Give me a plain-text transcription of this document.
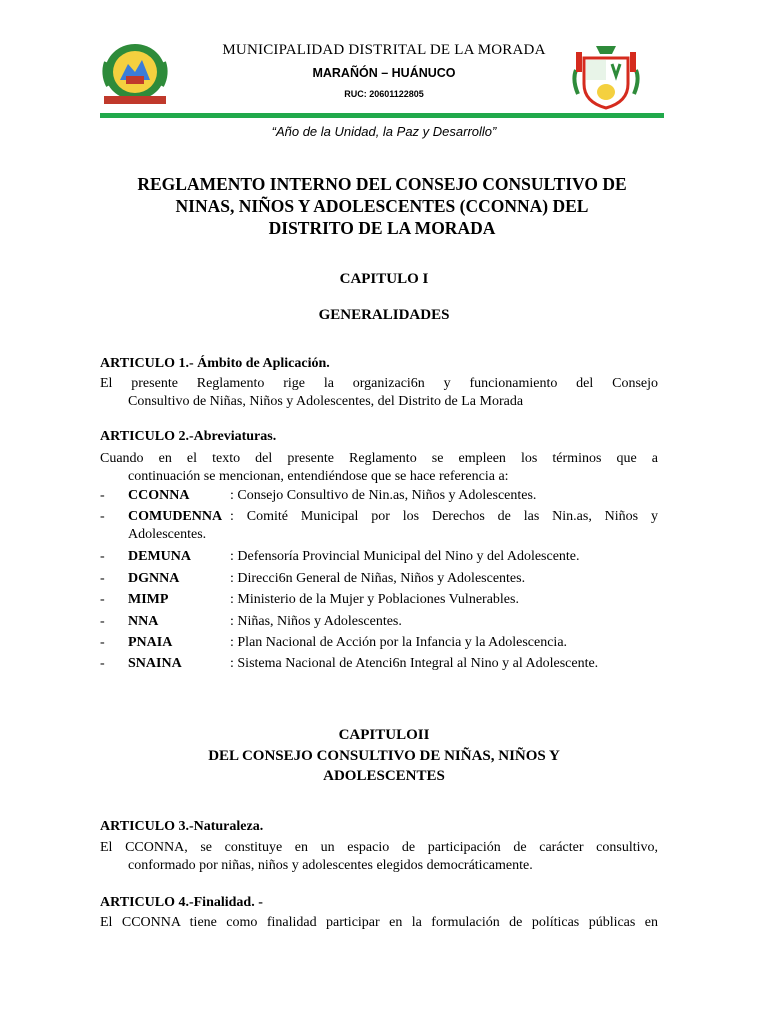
MUNICIPALIDAD DISTRITAL DE LA MORADA
MARAÑÓN – HUÁNUCO
RUC: 20601122805
“Año de la Unidad, la Paz y Desarrollo”
REGLAMENTO INTERNO DEL CONSEJO CONSULTIVO DE
NINAS, NIÑOS Y ADOLESCENTES (CCONNA) DEL
DISTRITO DE LA MORADA
CAPITULO I
GENERALIDADES
ARTICULO 1.- Ámbito de Aplicación.
El presente Reglamento rige la organizaci6n y funcionamiento del Consejo
Consultivo de Niñas, Niños y Adolescentes, del Distrito de La Morada
ARTICULO 2.-Abreviaturas.
Cuando en el texto del presente Reglamento se empleen los términos que a
continuación se mencionan, entendiéndose que se hace referencia a:
- CCONNA	: Consejo Consultivo de Nin.as, Niños y Adolescentes.
- COMUDENNA : Comité Municipal por los Derechos de las Nin.as, Niños y
Adolescentes.
- DEMUNA	: Defensoría Provincial Municipal del Nino y del Adolescente.
- DGNNA	: Direcci6n General de Niñas, Niños y Adolescentes.
- MIMP	: Ministerio de la Mujer y Poblaciones Vulnerables.
- NNA	: Niñas, Niños y Adolescentes.
- PNAIA	: Plan Nacional de Acción por la Infancia y la Adolescencia.
- SNAINA	: Sistema Nacional de Atenci6n Integral al Nino y al Adolescente.
CAPITULOII
DEL CONSEJO CONSULTIVO DE NIÑAS, NIÑOS Y
ADOLESCENTES
ARTICULO 3.-Naturaleza.
El CCONNA, se constituye en un espacio de participación de carácter consultivo,
conformado por niñas, niños y adolescentes elegidos democráticamente.
ARTICULO 4.-Finalidad. -
El CCONNA tiene como finalidad participar en la formulación de políticas públicas en
